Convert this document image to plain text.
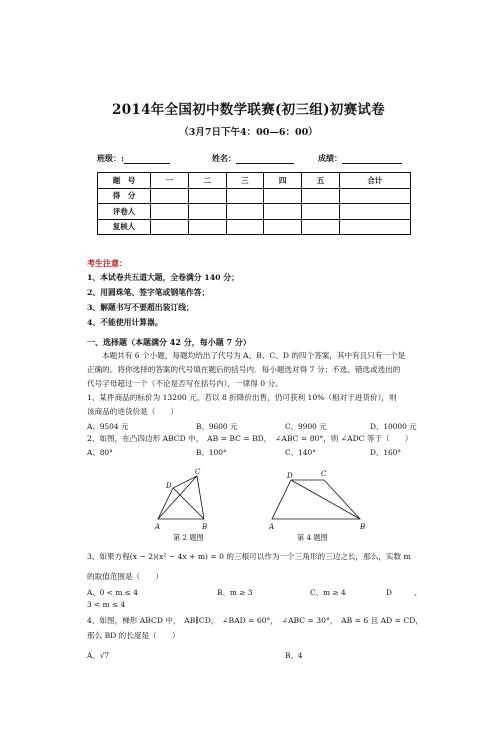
2014年全国初中数学联赛(初三组)初赛试卷
（3月7日下午4：00—6：00）
班级：:	姓名：	成绩：
题　号	一	二	三	四	五	合计
得　分						
评卷人						
复核人						
考生注意：
1、本试卷共五道大题，全卷满分 140 分；
2、用圆珠笔、签字笔或钢笔作答；
3、解题书写不要超出装订线；
4、不能使用计算器。
一、选择题（本题满分 42 分，每小题 7 分）
本题共有 6 个小题，每题均给出了代号为 A、B、C、D 的四个答案，其中有且只有一个是
正确的。将你选择的答案的代号填在题后的括号内．每小题选对得 7 分；不选、错选或选出的
代号字母超过一个（不论是否写在括号内），一律得 0 分。
1、某件商品的标价为 13200 元，若以 8 折降价出售，仍可获利 10%（相对于进货价），则
该商品的进货价是（　　）
A、9504 元	B、9600 元	C、9900 元	D、10000 元
2、如图，在凸四边形 ABCD 中，　AB = BC = BD，　∠ABC = 80°，则 ∠ADC 等于（　　）
A、80°	B、100°	C、140°	D、160°
C
D
A	B
第 2 题图
D	C
A	B
第 4 题图
3、如果方程(x − 2)(x² − 4x + m) = 0 的三根可以作为一个三角形的三边之长，那么，实数 m
的取值范围是（　　）
A、0 < m ≤ 4	B、m ≥ 3	C、m ≥ 4	D　　　、
3 < m ≤ 4
4、如图，梯形 ABCD 中，　AB∥CD，　∠BAD = 60°，　∠ABC = 30°，　AB = 6 且 AD = CD，
那么 BD 的长度是（　　）
A、√7	B、4
